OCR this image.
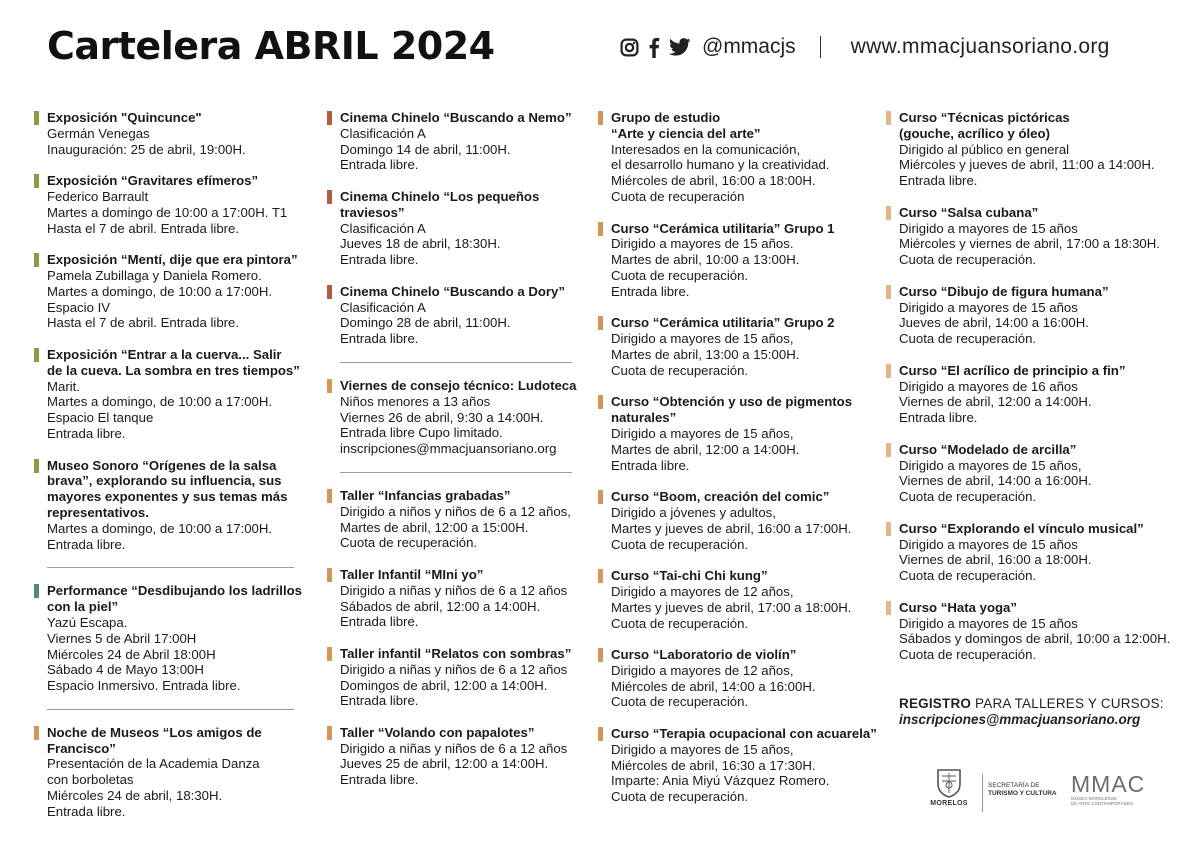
Cartelera ABRIL 2024	@mmacjs	www.mmacjuansoriano.org
Exposición "Quincunce"
Germán Venegas
Inauguración: 25 de abril, 19:00H.
Exposición “Gravitares efímeros”
Federico Barrault
Martes a domingo de 10:00 a 17:00H. T1
Hasta el 7 de abril. Entrada libre.
Exposición “Mentí, dije que era pintora”
Pamela Zubillaga y Daniela Romero.
Martes a domingo, de 10:00 a 17:00H.
Espacio IV
Hasta el 7 de abril. Entrada libre.
Exposición “Entrar a la cuerva... Salir
de la cueva. La sombra en tres tiempos”
Marit.
Martes a domingo, de 10:00 a 17:00H.
Espacio El tanque
Entrada libre.
Museo Sonoro “Orígenes de la salsa
brava”, explorando su influencia, sus
mayores exponentes y sus temas más
representativos.
Martes a domingo, de 10:00 a 17:00H.
Entrada libre.
Performance “Desdibujando los ladrillos
con la piel”
Yazú Escapa.
Viernes 5 de Abril 17:00H
Miércoles 24 de Abril 18:00H
Sábado 4 de Mayo 13:00H
Espacio Inmersivo. Entrada libre.
Noche de Museos “Los amigos de
Francisco”
Presentación de la Academia Danza
con borboletas
Miércoles 24 de abril, 18:30H.
Entrada libre.
Cinema Chinelo “Buscando a Nemo”
Clasificación A
Domingo 14 de abril, 11:00H.
Entrada libre.
Cinema Chinelo “Los pequeños
traviesos”
Clasificación A
Jueves 18 de abril, 18:30H.
Entrada libre.
Cinema Chinelo “Buscando a Dory”
Clasificación A
Domingo 28 de abril, 11:00H.
Entrada libre.
Viernes de consejo técnico: Ludoteca
Niños menores a 13 años
Viernes 26 de abril, 9:30 a 14:00H.
Entrada libre Cupo limitado.
inscripciones@mmacjuansoriano.org
Taller “Infancias grabadas”
Dirigido a niños y niños de 6 a 12 años,
Martes de abril, 12:00 a 15:00H.
Cuota de recuperación.
Taller Infantil “MIni yo”
Dirigido a niñas y niños de 6 a 12 años
Sábados de abril, 12:00 a 14:00H.
Entrada libre.
Taller infantil “Relatos con sombras”
Dirigido a niñas y niños de 6 a 12 años
Domingos de abril, 12:00 a 14:00H.
Entrada libre.
Taller “Volando con papalotes”
Dirigido a niñas y niños de 6 a 12 años
Jueves 25 de abril, 12:00 a 14:00H.
Entrada libre.
Grupo de estudio
“Arte y ciencia del arte”
Interesados en la comunicación,
el desarrollo humano y la creatividad.
Miércoles de abril, 16:00 a 18:00H.
Cuota de recuperación
Curso “Cerámica utilitaria” Grupo 1
Dirigido a mayores de 15 años.
Martes de abril, 10:00 a 13:00H.
Cuota de recuperación.
Entrada libre.
Curso “Cerámica utilitaria” Grupo 2
Dirigido a mayores de 15 años,
Martes de abril, 13:00 a 15:00H.
Cuota de recuperación.
Curso “Obtención y uso de pigmentos
naturales”
Dirigido a mayores de 15 años,
Martes de abril, 12:00 a 14:00H.
Entrada libre.
Curso “Boom, creación del comic”
Dirigido a jóvenes y adultos,
Martes y jueves de abril, 16:00 a 17:00H.
Cuota de recuperación.
Curso “Tai-chi Chi kung”
Dirigido a mayores de 12 años,
Martes y jueves de abril, 17:00 a 18:00H.
Cuota de recuperación.
Curso “Laboratorio de violín”
Dirigido a mayores de 12 años,
Miércoles de abril, 14:00 a 16:00H.
Cuota de recuperación.
Curso “Terapia ocupacional con acuarela”
Dirigido a mayores de 15 años,
Miércoles de abril, 16:30 a 17:30H.
Imparte: Ania Miyú Vázquez Romero.
Cuota de recuperación.
Curso “Técnicas pictóricas
(gouche, acrílico y óleo)
Dirigido al público en general
Miércoles y jueves de abril, 11:00 a 14:00H.
Entrada libre.
Curso “Salsa cubana”
Dirigido a mayores de 15 años
Miércoles y viernes de abril, 17:00 a 18:30H.
Cuota de recuperación.
Curso “Dibujo de figura humana”
Dirigido a mayores de 15 años
Jueves de abril, 14:00 a 16:00H.
Cuota de recuperación.
Curso “El acrílico de principio a fin”
Dirigido a mayores de 16 años
Viernes de abril, 12:00 a 14:00H.
Entrada libre.
Curso “Modelado de arcilla”
Dirigido a mayores de 15 años,
Viernes de abril, 14:00 a 16:00H.
Cuota de recuperación.
Curso “Explorando el vínculo musical”
Dirigido a mayores de 15 años
Viernes de abril, 16:00 a 18:00H.
Cuota de recuperación.
Curso “Hata yoga”
Dirigido a mayores de 15 años
Sábados y domingos de abril, 10:00 a 12:00H.
Cuota de recuperación.
REGISTRO PARA TALLERES Y CURSOS:
inscripciones@mmacjuansoriano.org
MORELOS
SECRETARÍA DE
TURISMO Y CULTURA MMAC
MUSEO MORELENSE
DE ARTE CONTEMPORÁNEO
